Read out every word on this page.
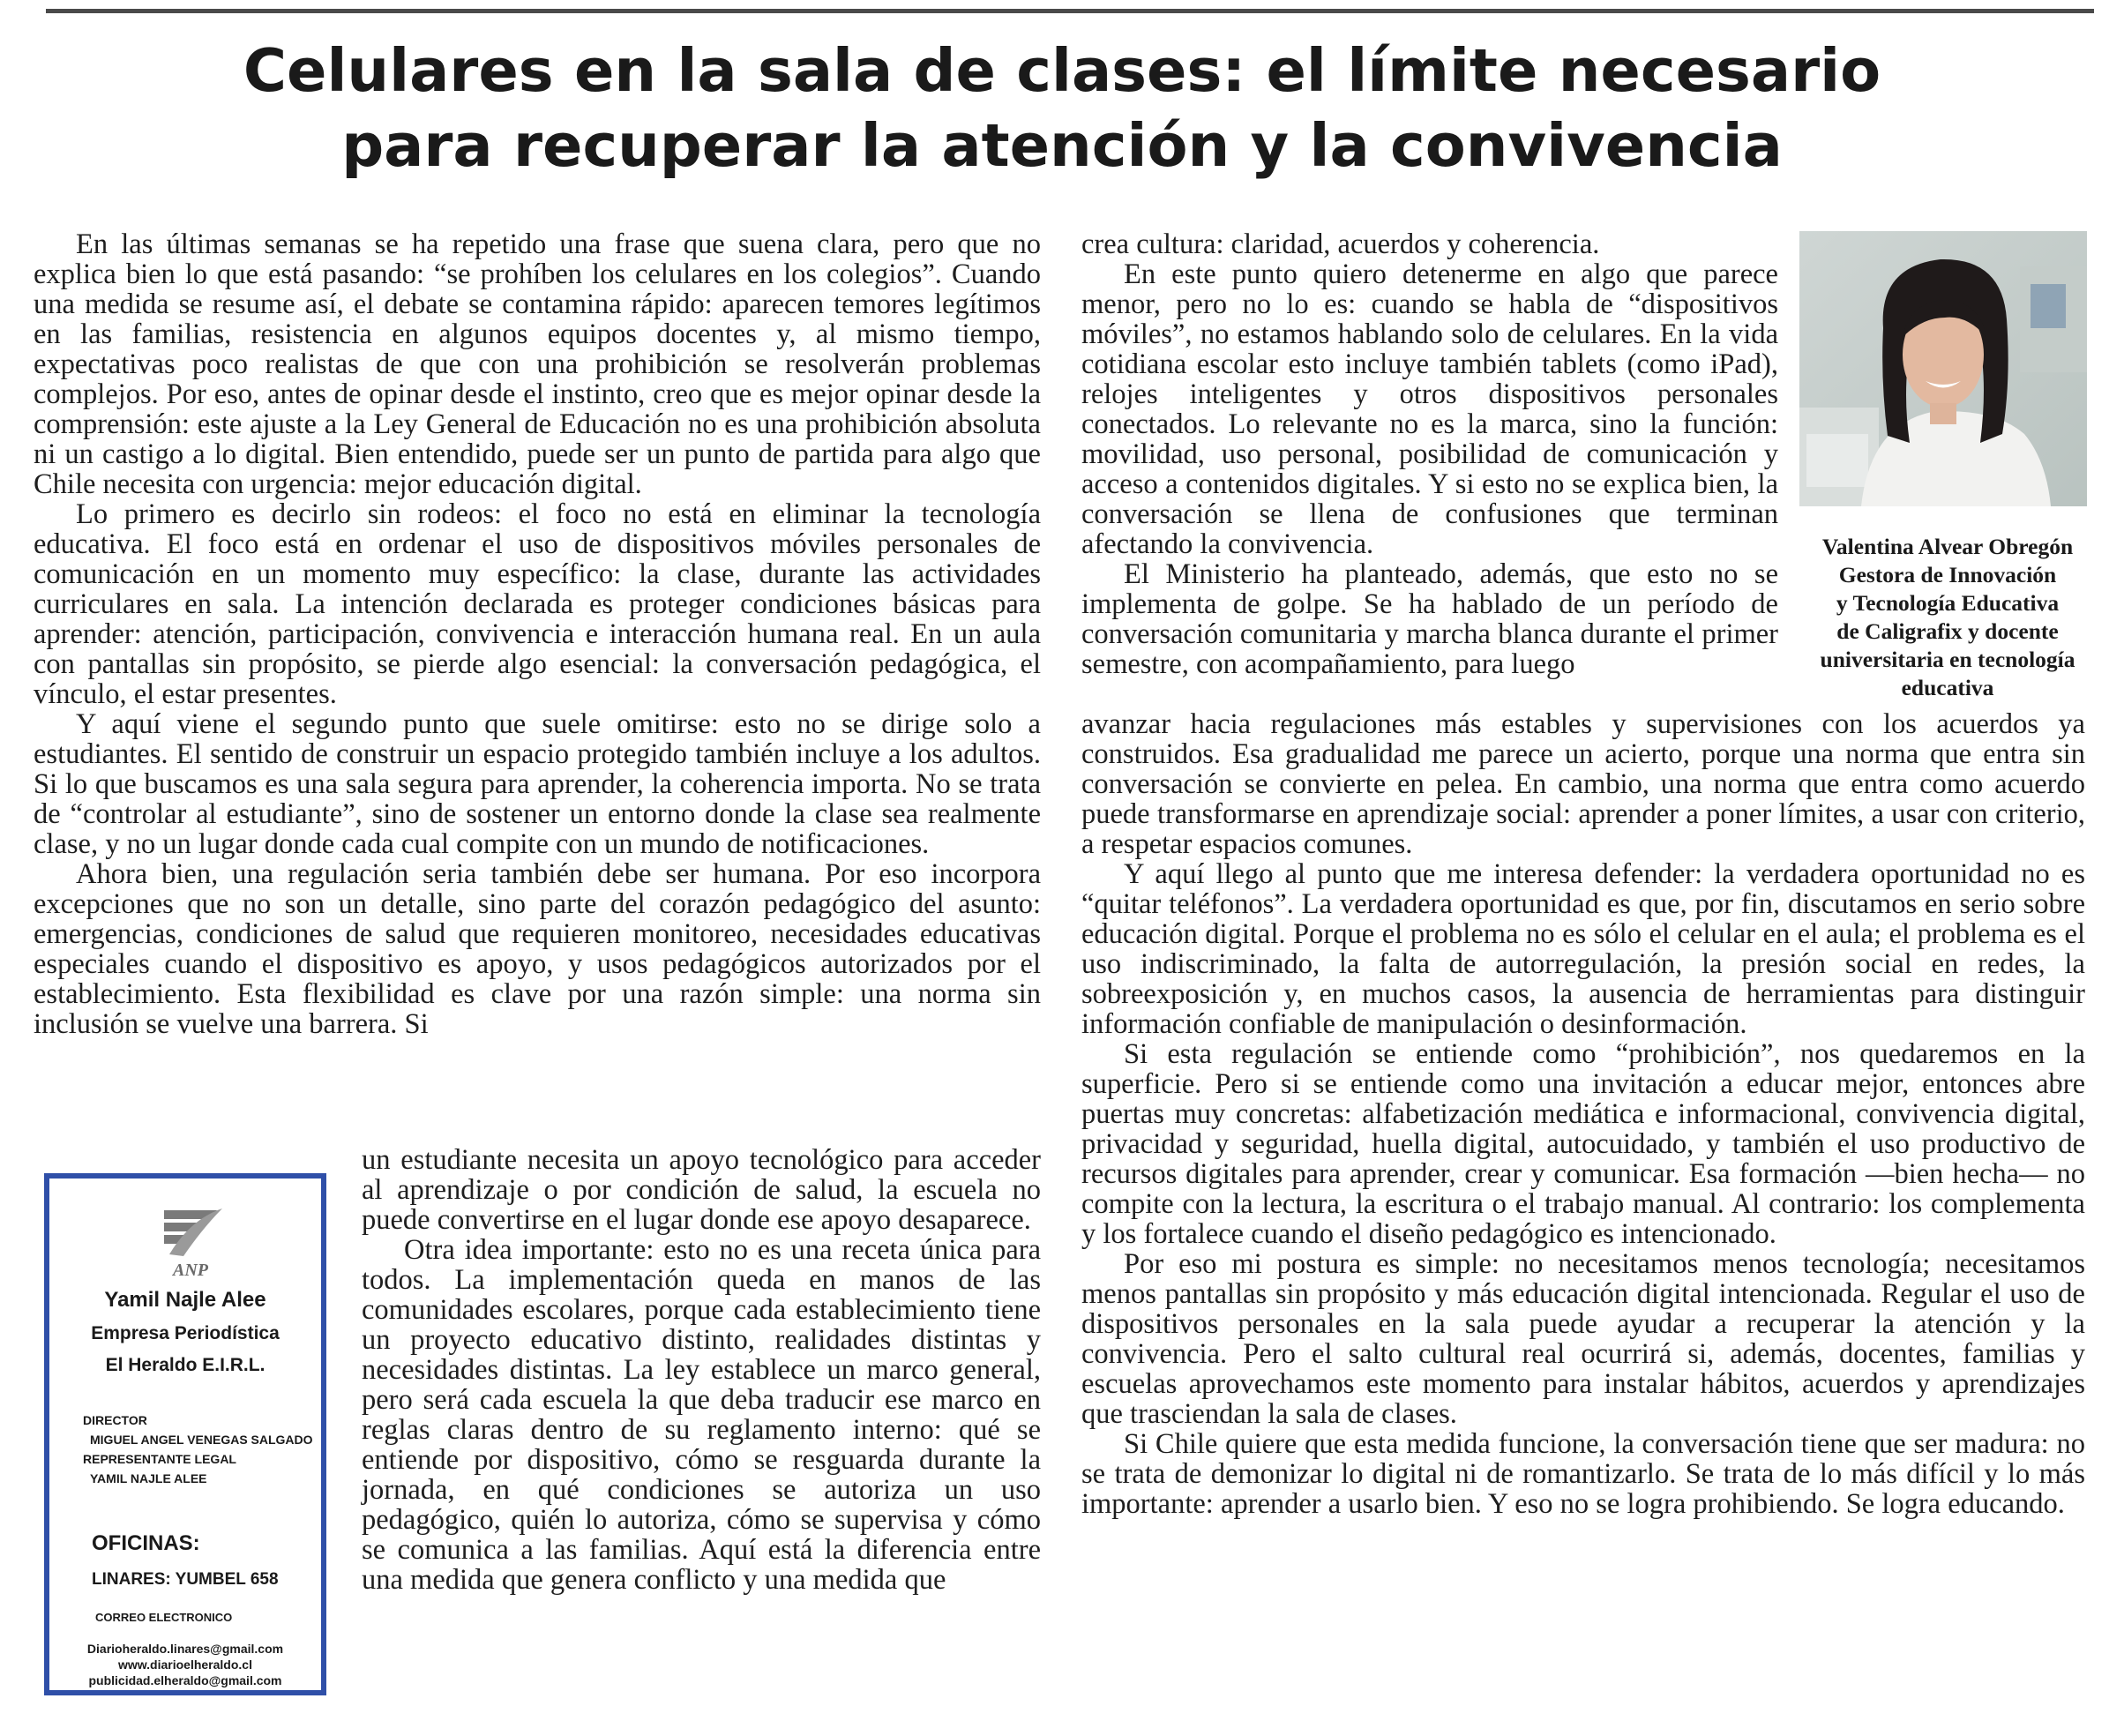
Celulares en la sala de clases: el límite necesario
para recuperar la atención y la convivencia

En las últimas semanas se ha repetido una frase que suena clara, pero que no explica bien lo que está pasando: “se prohíben los celulares en los colegios”. Cuando una medida se resume así, el debate se contamina rápido: aparecen temores legítimos en las familias, resistencia en algunos equipos docentes y, al mismo tiempo, expectativas poco realistas de que con una prohibición se resolverán problemas complejos. Por eso, antes de opinar desde el instinto, creo que es mejor opinar desde la comprensión: este ajuste a la Ley General de Educación no es una prohibición absoluta ni un castigo a lo digital. Bien entendido, puede ser un punto de partida para algo que Chile necesita con urgencia: mejor educación digital.

Lo primero es decirlo sin rodeos: el foco no está en eliminar la tecnología educativa. El foco está en ordenar el uso de dispositivos móviles personales de comunicación en un momento muy específico: la clase, durante las actividades curriculares en sala. La intención declarada es proteger condiciones básicas para aprender: atención, participación, convivencia e interacción humana real. En un aula con pantallas sin propósito, se pierde algo esencial: la conversación pedagógica, el vínculo, el estar presentes.

Y aquí viene el segundo punto que suele omitirse: esto no se dirige solo a estudiantes. El sentido de construir un espacio protegido también incluye a los adultos. Si lo que buscamos es una sala segura para aprender, la coherencia importa. No se trata de “controlar al estudiante”, sino de sostener un entorno donde la clase sea realmente clase, y no un lugar donde cada cual compite con un mundo de notificaciones.

Ahora bien, una regulación seria también debe ser humana. Por eso incorpora excepciones que no son un detalle, sino parte del corazón pedagógico del asunto: emergencias, condiciones de salud que requieren monitoreo, necesidades educativas especiales cuando el dispositivo es apoyo, y usos pedagógicos autorizados por el establecimiento. Esta flexibilidad es clave por una razón simple: una norma sin inclusión se vuelve una barrera. Si

un estudiante necesita un apoyo tecnológico para acceder al aprendizaje o por condición de salud, la escuela no puede convertirse en el lugar donde ese apoyo desaparece.

Otra idea importante: esto no es una receta única para todos. La implementación queda en manos de las comunidades escolares, porque cada establecimiento tiene un proyecto educativo distinto, realidades distintas y necesidades distintas. La ley establece un marco general, pero será cada escuela la que deba traducir ese marco en reglas claras dentro de su reglamento interno: qué se entiende por dispositivo, cómo se resguarda durante la jornada, en qué condiciones se autoriza un uso pedagógico, quién lo autoriza, cómo se supervisa y cómo se comunica a las familias. Aquí está la diferencia entre una medida que genera conflicto y una medida que

crea cultura: claridad, acuerdos y coherencia.

En este punto quiero detenerme en algo que parece menor, pero no lo es: cuando se habla de “dispositivos móviles”, no estamos hablando solo de celulares. En la vida cotidiana escolar esto incluye también tablets (como iPad), relojes inteligentes y otros dispositivos personales conectados. Lo relevante no es la marca, sino la función: movilidad, uso personal, posibilidad de comunicación y acceso a contenidos digitales. Y si esto no se explica bien, la conversación se llena de confusiones que terminan afectando la convivencia.

El Ministerio ha planteado, además, que esto no se implementa de golpe. Se ha hablado de un período de conversación comunitaria y marcha blanca durante el primer semestre, con acompañamiento, para luego

avanzar hacia regulaciones más estables y supervisiones con los acuerdos ya construidos. Esa gradualidad me parece un acierto, porque una norma que entra sin conversación se convierte en pelea. En cambio, una norma que entra como acuerdo puede transformarse en aprendizaje social: aprender a poner límites, a usar con criterio, a respetar espacios comunes.

Y aquí llego al punto que me interesa defender: la verdadera oportunidad no es “quitar teléfonos”. La verdadera oportunidad es que, por fin, discutamos en serio sobre educación digital. Porque el problema no es sólo el celular en el aula; el problema es el uso indiscriminado, la falta de autorregulación, la presión social en redes, la sobreexposición y, en muchos casos, la ausencia de herramientas para distinguir información confiable de manipulación o desinformación.

Si esta regulación se entiende como “prohibición”, nos quedaremos en la superficie. Pero si se entiende como una invitación a educar mejor, entonces abre puertas muy concretas: alfabetización mediática e informacional, convivencia digital, privacidad y seguridad, huella digital, autocuidado, y también el uso productivo de recursos digitales para aprender, crear y comunicar. Esa formación —bien hecha— no compite con la lectura, la escritura o el trabajo manual. Al contrario: los complementa y los fortalece cuando el diseño pedagógico es intencionado.

Por eso mi postura es simple: no necesitamos menos tecnología; necesitamos menos pantallas sin propósito y más educación digital intencionada. Regular el uso de dispositivos personales en la sala puede ayudar a recuperar la atención y la convivencia. Pero el salto cultural real ocurrirá si, además, docentes, familias y escuelas aprovechamos este momento para instalar hábitos, acuerdos y aprendizajes que trasciendan la sala de clases.

Si Chile quiere que esta medida funcione, la conversación tiene que ser madura: no se trata de demonizar lo digital ni de romantizarlo. Se trata de lo más difícil y lo más importante: aprender a usarlo bien. Y eso no se logra prohibiendo. Se logra educando.

Valentina Alvear Obregón
Gestora de Innovación
y Tecnología Educativa
de Caligrafix y docente
universitaria en tecnología
educativa
ANP
Yamil Najle Alee
Empresa Periodística
El Heraldo E.I.R.L.
DIRECTOR
MIGUEL ANGEL VENEGAS SALGADO
REPRESENTANTE LEGAL
YAMIL NAJLE ALEE
OFICINAS:
LINARES: YUMBEL 658
CORREO ELECTRONICO
Diarioheraldo.linares@gmail.com
www.diarioelheraldo.cl
publicidad.elheraldo@gmail.com
